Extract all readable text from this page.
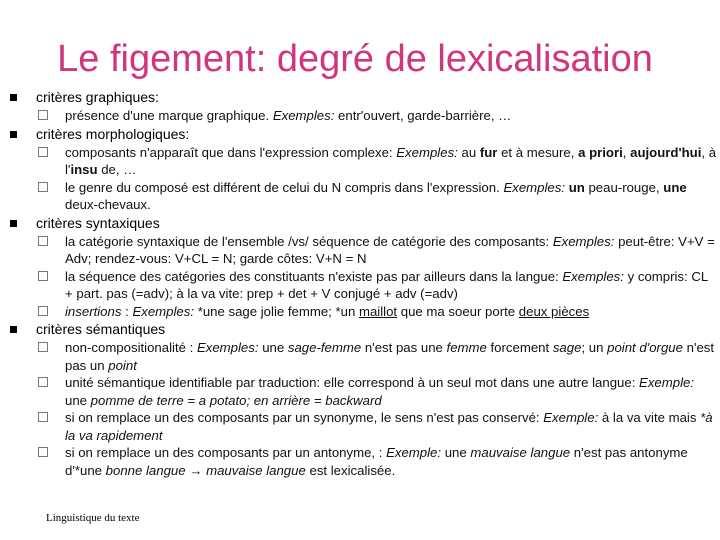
Le figement: degré de lexicalisation
critères graphiques:
présence d'une marque graphique. Exemples: entr'ouvert, garde-barrière, …
critères morphologiques:
composants n'apparaît que dans l'expression complexe: Exemples: au fur et à mesure, a priori, aujourd'hui, à l'insu de, …
le genre du composé est différent de celui du N compris dans l'expression. Exemples: un peau-rouge, une deux-chevaux.
critères syntaxiques
la catégorie syntaxique de l'ensemble /vs/ séquence de catégorie des composants: Exemples: peut-être: V+V = Adv; rendez-vous: V+CL = N; garde côtes: V+N = N
la séquence des catégories des constituants n'existe pas par ailleurs dans la langue: Exemples: y compris: CL + part. pas (=adv); à la va vite: prep + det + V conjugé + adv (=adv)
insertions : Exemples: *une sage jolie femme; *un maillot que ma soeur porte deux pièces
critères sémantiques
non-compositionalité : Exemples: une sage-femme n'est pas une femme forcement sage; un point d'orgue n'est pas un point
unité sémantique identifiable par traduction: elle correspond à un seul mot dans une autre langue: Exemple: une pomme de terre = a potato; en arrière = backward
si on remplace un des composants par un synonyme, le sens n'est pas conservé: Exemple: à la va vite mais *à la va rapidement
si on remplace un des composants par un antonyme, : Exemple: une mauvaise langue n'est pas antonyme d'*une bonne langue → mauvaise langue est lexicalisée.
Linguistique du texte
